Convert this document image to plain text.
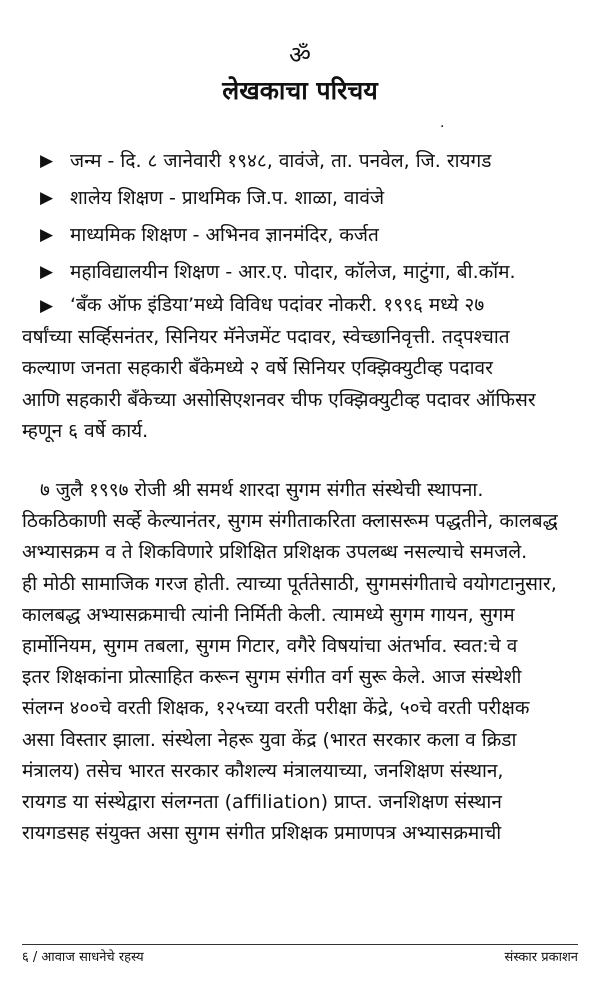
ॐ
लेखकाचा परिचय
.
▶ जन्म - दि. ८ जानेवारी १९४८, वावंजे, ता. पनवेल, जि. रायगड
▶ शालेय शिक्षण - प्राथमिक जि.प. शाळा, वावंजे
▶ माध्यमिक शिक्षण - अभिनव ज्ञानमंदिर, कर्जत
▶ महाविद्यालयीन शिक्षण - आर.ए. पोदार, कॉलेज, माटुंगा, बी.कॉम.
▶ ‘बँक ऑफ इंडिया’मध्ये विविध पदांवर नोकरी. १९९६ मध्ये २७
वर्षांच्या सर्व्हिसनंतर, सिनियर मॅनेजमेंट पदावर, स्वेच्छानिवृत्ती. तद्पश्चात
कल्याण जनता सहकारी बँकेमध्ये २ वर्षे सिनियर एक्झिक्युटीव्ह पदावर
आणि सहकारी बँकेच्या असोसिएशनवर चीफ एक्झिक्युटीव्ह पदावर ऑफिसर
म्हणून ६ वर्षे कार्य.
७ जुलै १९९७ रोजी श्री समर्थ शारदा सुगम संगीत संस्थेची स्थापना.
ठिकठिकाणी सर्व्हे केल्यानंतर, सुगम संगीताकरिता क्लासरूम पद्धतीने, कालबद्ध
अभ्यासक्रम व ते शिकविणारे प्रशिक्षित प्रशिक्षक उपलब्ध नसल्याचे समजले.
ही मोठी सामाजिक गरज होती. त्याच्या पूर्ततेसाठी, सुगमसंगीताचे वयोगटानुसार,
कालबद्ध अभ्यासक्रमाची त्यांनी निर्मिती केली. त्यामध्ये सुगम गायन, सुगम
हार्मोनियम, सुगम तबला, सुगम गिटार, वगैरे विषयांचा अंतर्भाव. स्वत:चे व
इतर शिक्षकांना प्रोत्साहित करून सुगम संगीत वर्ग सुरू केले. आज संस्थेशी
संलग्न ४००चे वरती शिक्षक, १२५च्या वरती परीक्षा केंद्रे, ५०चे वरती परीक्षक
असा विस्तार झाला. संस्थेला नेहरू युवा केंद्र (भारत सरकार कला व क्रिडा
मंत्रालय) तसेच भारत सरकार कौशल्य मंत्रालयाच्या, जनशिक्षण संस्थान,
रायगड या संस्थेद्वारा संलग्नता (affiliation) प्राप्त. जनशिक्षण संस्थान
रायगडसह संयुक्त असा सुगम संगीत प्रशिक्षक प्रमाणपत्र अभ्यासक्रमाची
६ / आवाज साधनेचे रहस्य	संस्कार प्रकाशन
